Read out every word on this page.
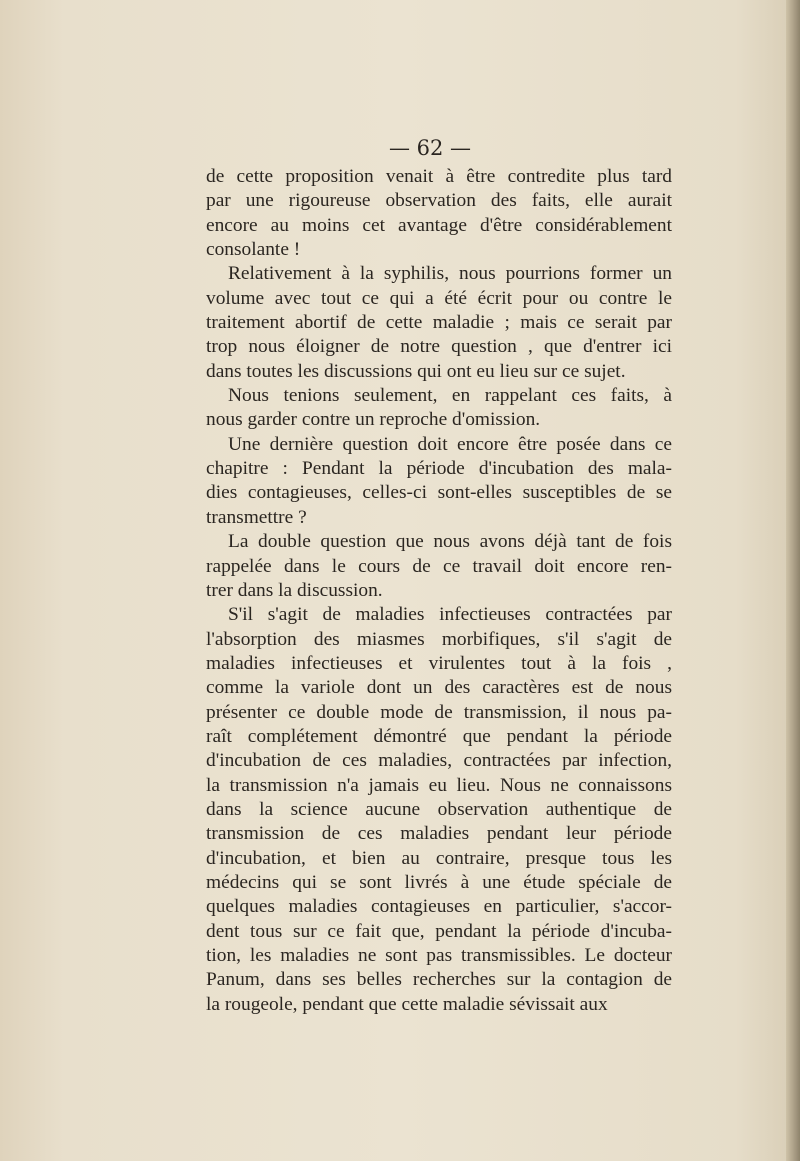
— 62 —
de cette proposition venait à être contredite plus tard
par une rigoureuse observation des faits, elle aurait
encore au moins cet avantage d'être considérablement
consolante !
Relativement à la syphilis, nous pourrions former un
volume avec tout ce qui a été écrit pour ou contre le
traitement abortif de cette maladie ; mais ce serait par
trop nous éloigner de notre question , que d'entrer ici
dans toutes les discussions qui ont eu lieu sur ce sujet.
Nous tenions seulement, en rappelant ces faits, à
nous garder contre un reproche d'omission.
Une dernière question doit encore être posée dans ce
chapitre : Pendant la période d'incubation des mala-
dies contagieuses, celles-ci sont-elles susceptibles de se
transmettre ?
La double question que nous avons déjà tant de fois
rappelée dans le cours de ce travail doit encore ren-
trer dans la discussion.
S'il s'agit de maladies infectieuses contractées par
l'absorption des miasmes morbifiques, s'il s'agit de
maladies infectieuses et virulentes tout à la fois ,
comme la variole dont un des caractères est de nous
présenter ce double mode de transmission, il nous pa-
raît complétement démontré que pendant la période
d'incubation de ces maladies, contractées par infection,
la transmission n'a jamais eu lieu. Nous ne connaissons
dans la science aucune observation authentique de
transmission de ces maladies pendant leur période
d'incubation, et bien au contraire, presque tous les
médecins qui se sont livrés à une étude spéciale de
quelques maladies contagieuses en particulier, s'accor-
dent tous sur ce fait que, pendant la période d'incuba-
tion, les maladies ne sont pas transmissibles. Le docteur
Panum, dans ses belles recherches sur la contagion de
la rougeole, pendant que cette maladie sévissait aux
